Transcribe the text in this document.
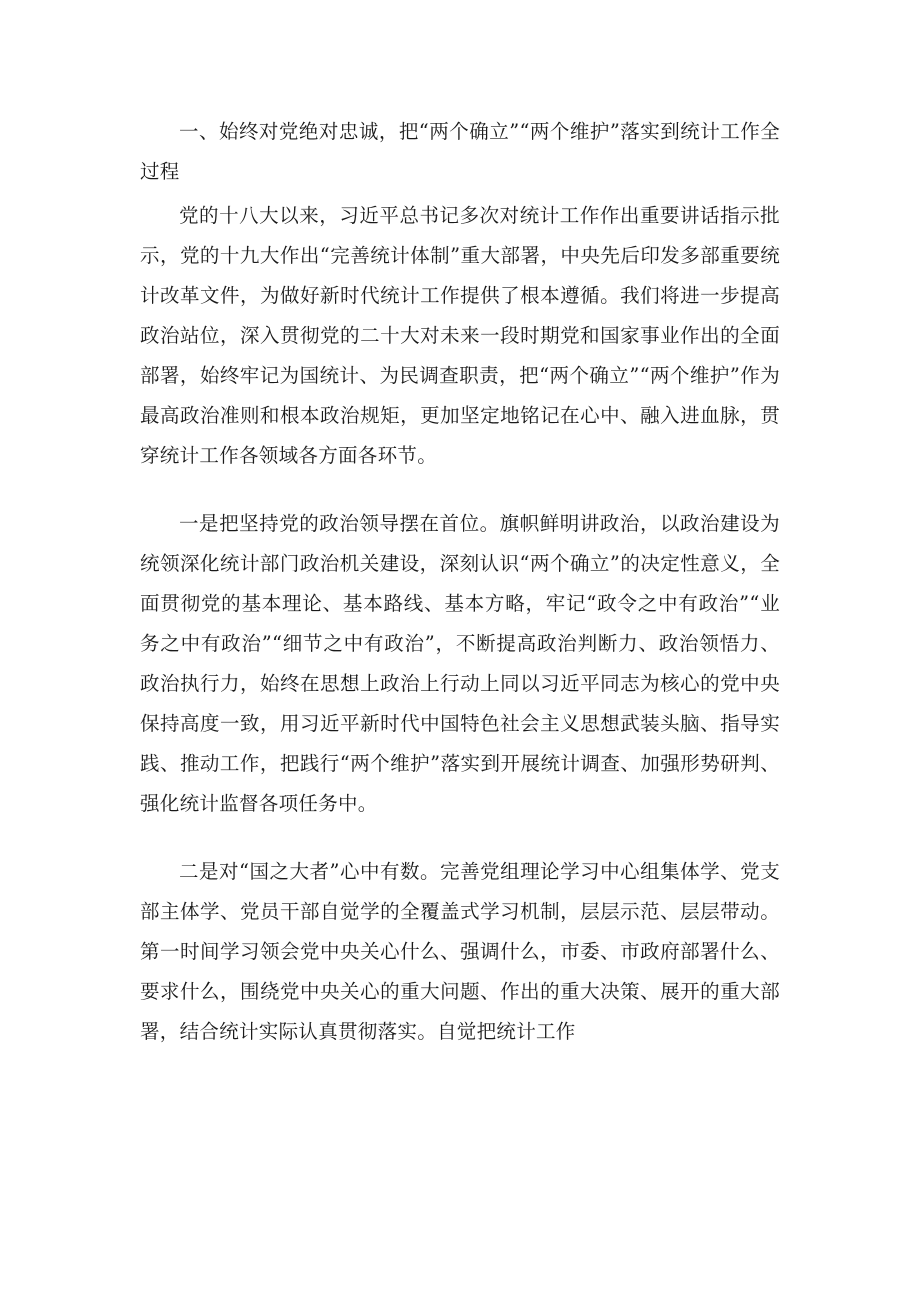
一、始终对党绝对忠诚，把“两个确立”“两个维护”落实到统计工作全过程

党的十八大以来，习近平总书记多次对统计工作作出重要讲话指示批示，党的十九大作出“完善统计体制”重大部署，中央先后印发多部重要统计改革文件，为做好新时代统计工作提供了根本遵循。我们将进一步提高政治站位，深入贯彻党的二十大对未来一段时期党和国家事业作出的全面部署，始终牢记为国统计、为民调查职责，把“两个确立”“两个维护”作为最高政治准则和根本政治规矩，更加坚定地铭记在心中、融入进血脉，贯穿统计工作各领域各方面各环节。

一是把坚持党的政治领导摆在首位。旗帜鲜明讲政治，以政治建设为统领深化统计部门政治机关建设，深刻认识“两个确立”的决定性意义，全面贯彻党的基本理论、基本路线、基本方略，牢记“政令之中有政治”“业务之中有政治”“细节之中有政治”，不断提高政治判断力、政治领悟力、政治执行力，始终在思想上政治上行动上同以习近平同志为核心的党中央保持高度一致，用习近平新时代中国特色社会主义思想武装头脑、指导实践、推动工作，把践行“两个维护”落实到开展统计调查、加强形势研判、强化统计监督各项任务中。

二是对“国之大者”心中有数。完善党组理论学习中心组集体学、党支部主体学、党员干部自觉学的全覆盖式学习机制，层层示范、层层带动。第一时间学习领会党中央关心什么、强调什么，市委、市政府部署什么、要求什么，围绕党中央关心的重大问题、作出的重大决策、展开的重大部署，结合统计实际认真贯彻落实。自觉把统计工作
